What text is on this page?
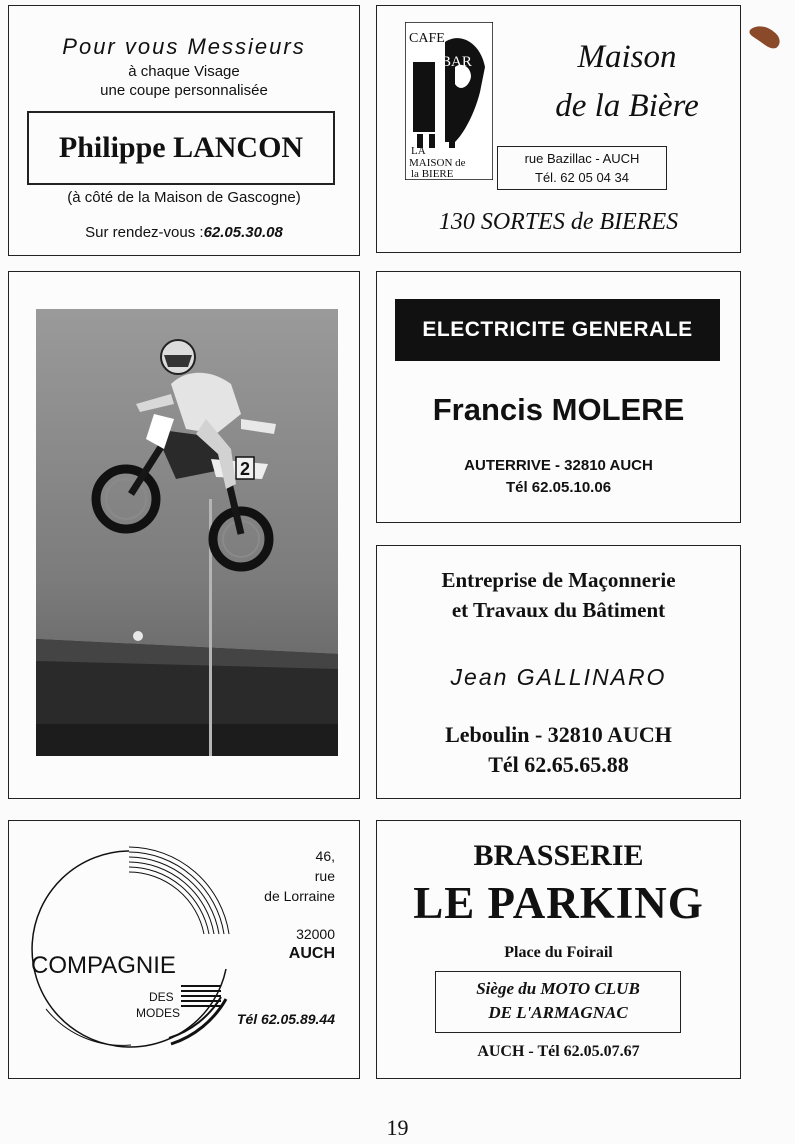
Pour vous Messieurs
à chaque Visage
une coupe personnalisée
Philippe LANCON
(à côté de la Maison de Gascogne)
Sur rendez-vous :62.05.30.08
CAFE
BAR
LA
MAISON de
la BIERE
Maison
de la Bière
rue Bazillac - AUCH
Tél. 62 05 04 34
130 SORTES de BIERES
2
ELECTRICITE GENERALE
Francis MOLERE
AUTERRIVE - 32810 AUCH
Tél 62.05.10.06
Entreprise de Maçonnerie
et Travaux du Bâtiment
Jean GALLINARO
Leboulin - 32810 AUCH
Tél 62.65.65.88
COMPAGNIE
DES
MODES
46,
rue
de Lorraine
32000
AUCH
Tél 62.05.89.44
BRASSERIE
LE PARKING
Place du Foirail
Siège du MOTO CLUB
DE L'ARMAGNAC
AUCH - Tél 62.05.07.67
19
